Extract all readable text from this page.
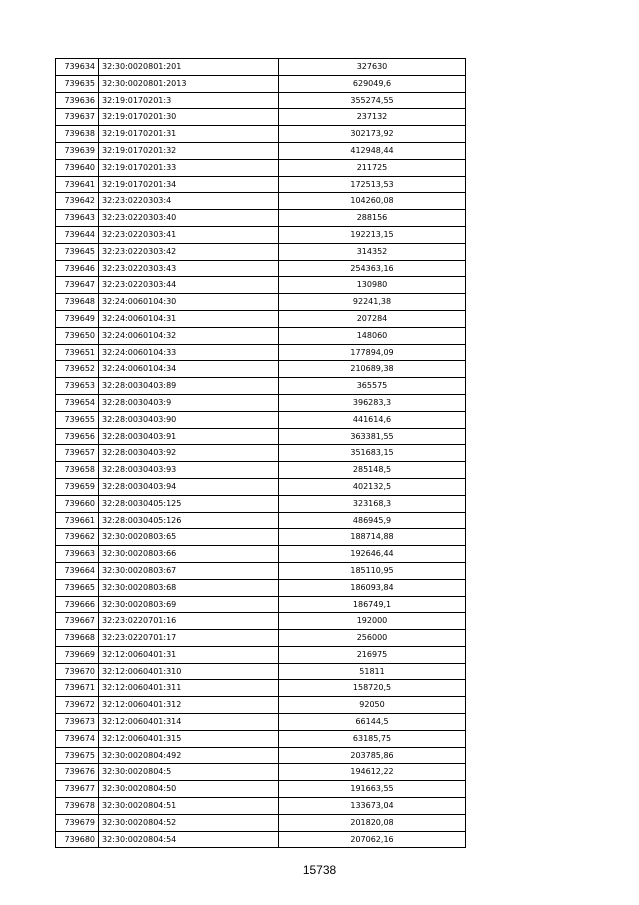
739634	32:30:0020801:201	327630
739635	32:30:0020801:2013	629049,6
739636	32:19:0170201:3	355274,55
739637	32:19:0170201:30	237132
739638	32:19:0170201:31	302173,92
739639	32:19:0170201:32	412948,44
739640	32:19:0170201:33	211725
739641	32:19:0170201:34	172513,53
739642	32:23:0220303:4	104260,08
739643	32:23:0220303:40	288156
739644	32:23:0220303:41	192213,15
739645	32:23:0220303:42	314352
739646	32:23:0220303:43	254363,16
739647	32:23:0220303:44	130980
739648	32:24:0060104:30	92241,38
739649	32:24:0060104:31	207284
739650	32:24:0060104:32	148060
739651	32:24:0060104:33	177894,09
739652	32:24:0060104:34	210689,38
739653	32:28:0030403:89	365575
739654	32:28:0030403:9	396283,3
739655	32:28:0030403:90	441614,6
739656	32:28:0030403:91	363381,55
739657	32:28:0030403:92	351683,15
739658	32:28:0030403:93	285148,5
739659	32:28:0030403:94	402132,5
739660	32:28:0030405:125	323168,3
739661	32:28:0030405:126	486945,9
739662	32:30:0020803:65	188714,88
739663	32:30:0020803:66	192646,44
739664	32:30:0020803:67	185110,95
739665	32:30:0020803:68	186093,84
739666	32:30:0020803:69	186749,1
739667	32:23:0220701:16	192000
739668	32:23:0220701:17	256000
739669	32:12:0060401:31	216975
739670	32:12:0060401:310	51811
739671	32:12:0060401:311	158720,5
739672	32:12:0060401:312	92050
739673	32:12:0060401:314	66144,5
739674	32:12:0060401:315	63185,75
739675	32:30:0020804:492	203785,86
739676	32:30:0020804:5	194612,22
739677	32:30:0020804:50	191663,55
739678	32:30:0020804:51	133673,04
739679	32:30:0020804:52	201820,08
739680	32:30:0020804:54	207062,16
15738
